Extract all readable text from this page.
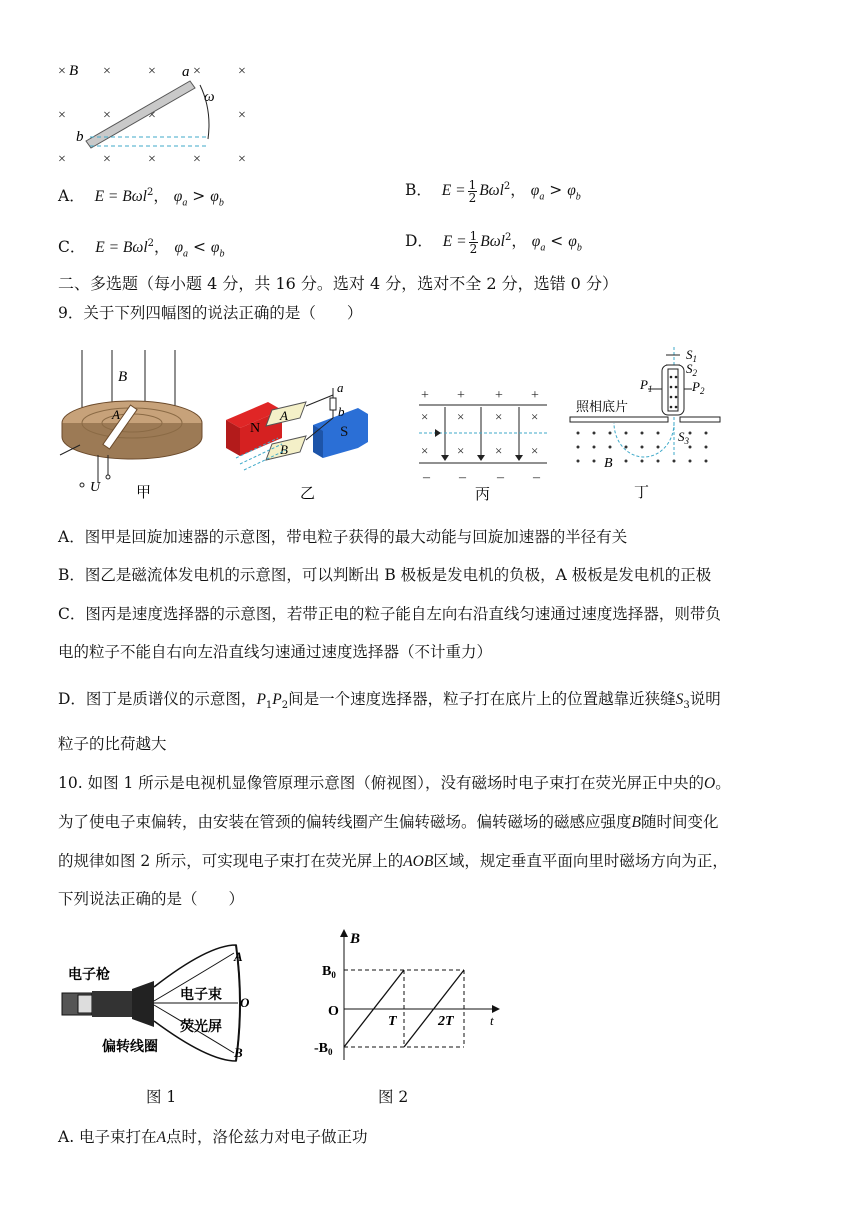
×	×	×	×	×
×	×	×	×
×	×	×	×	×
B	a
b
ω
A． E = Bωl$^2$， $\varphi_a > \varphi_b$
B． $E = \frac{1}{2} B\omega l^2$， $\varphi_a > \varphi_b$
C． E = Bωl$^2$， $\varphi_a < \varphi_b$
D． $E = \frac{1}{2} B\omega l^2$， $\varphi_a < \varphi_b$
二、多选题（每小题 4 分，共 16 分。选对 4 分，选对不全 2 分，选错 0 分）
9．关于下列四幅图的说法正确的是（　　）
B
A
U 甲
N	S
A
B
a
b
乙
+ + + +
× × × ×
× × × ×
– – – –
丙
$S_1$
$S_2$
$S_3$
$P_1$	$P_2$
照相底片
B
丁
A．图甲是回旋加速器的示意图，带电粒子获得的最大动能与回旋加速器的半径有关
B．图乙是磁流体发电机的示意图，可以判断出 B 极板是发电机的负极，A 极板是发电机的正极
C．图丙是速度选择器的示意图，若带正电的粒子能自左向右沿直线匀速通过速度选择器，则带负
电的粒子不能自右向左沿直线匀速通过速度选择器（不计重力）
D．图丁是质谱仪的示意图，$P_1P_2$间是一个速度选择器，粒子打在底片上的位置越靠近狭缝$S_3$说明
粒子的比荷越大
10. 如图 1 所示是电视机显像管原理示意图（俯视图），没有磁场时电子束打在荧光屏正中央的O。
为了使电子束偏转，由安装在管颈的偏转线圈产生偏转磁场。偏转磁场的磁感应强度B随时间变化
的规律如图 2 所示，可实现电子束打在荧光屏上的AOB区域，规定垂直平面向里时磁场方向为正，
下列说法正确的是（　　）
电子枪
偏转线圈
电子束
荧光屏
A
O
B
图 1
B
$B_0$
O
$-B_0$
T	2T	t
图 2
A. 电子束打在A点时，洛伦兹力对电子做正功
